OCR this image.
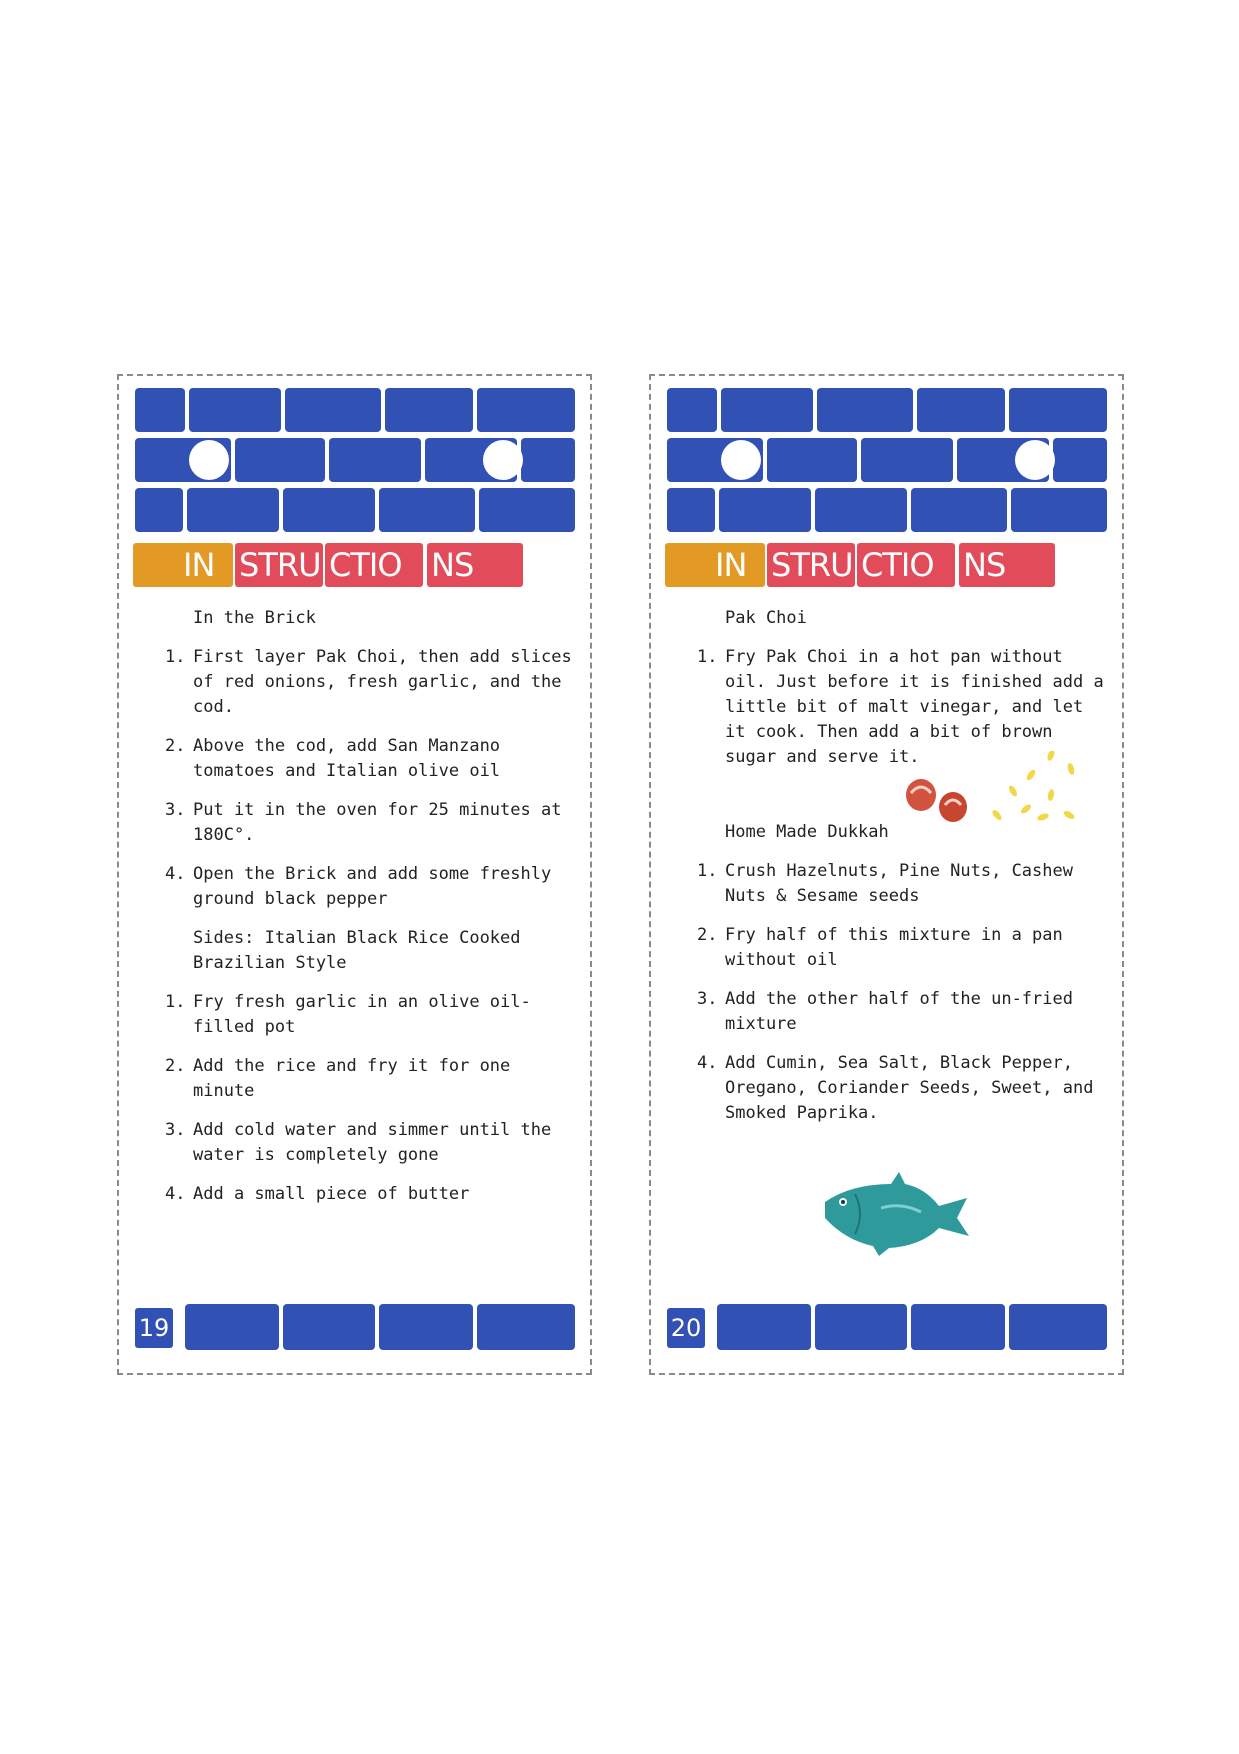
IN STRU CTIO NS
In the Brick
1. First layer Pak Choi, then add slices of red onions, fresh garlic, and the cod.
2. Above the cod, add San Manzano tomatoes and Italian olive oil
3. Put it in the oven for 25 minutes at 180C°.
4. Open the Brick and add some freshly ground black pepper
Sides: Italian Black Rice Cooked Brazilian Style
1. Fry fresh garlic in an olive oil-filled pot
2. Add the rice and fry it for one minute
3. Add cold water and simmer until the water is completely gone
4. Add a small piece of butter
19
IN STRU CTIO NS
Pak Choi
1. Fry Pak Choi in a hot pan without oil. Just before it is finished add a little bit of malt vinegar, and let it cook. Then add a bit of brown sugar and serve it.
Home Made Dukkah
1. Crush Hazelnuts, Pine Nuts, Cashew Nuts & Sesame seeds
2. Fry half of this mixture in a pan without oil
3. Add the other half of the un-fried mixture
4. Add Cumin, Sea Salt, Black Pepper, Oregano, Coriander Seeds, Sweet, and Smoked Paprika.
20
